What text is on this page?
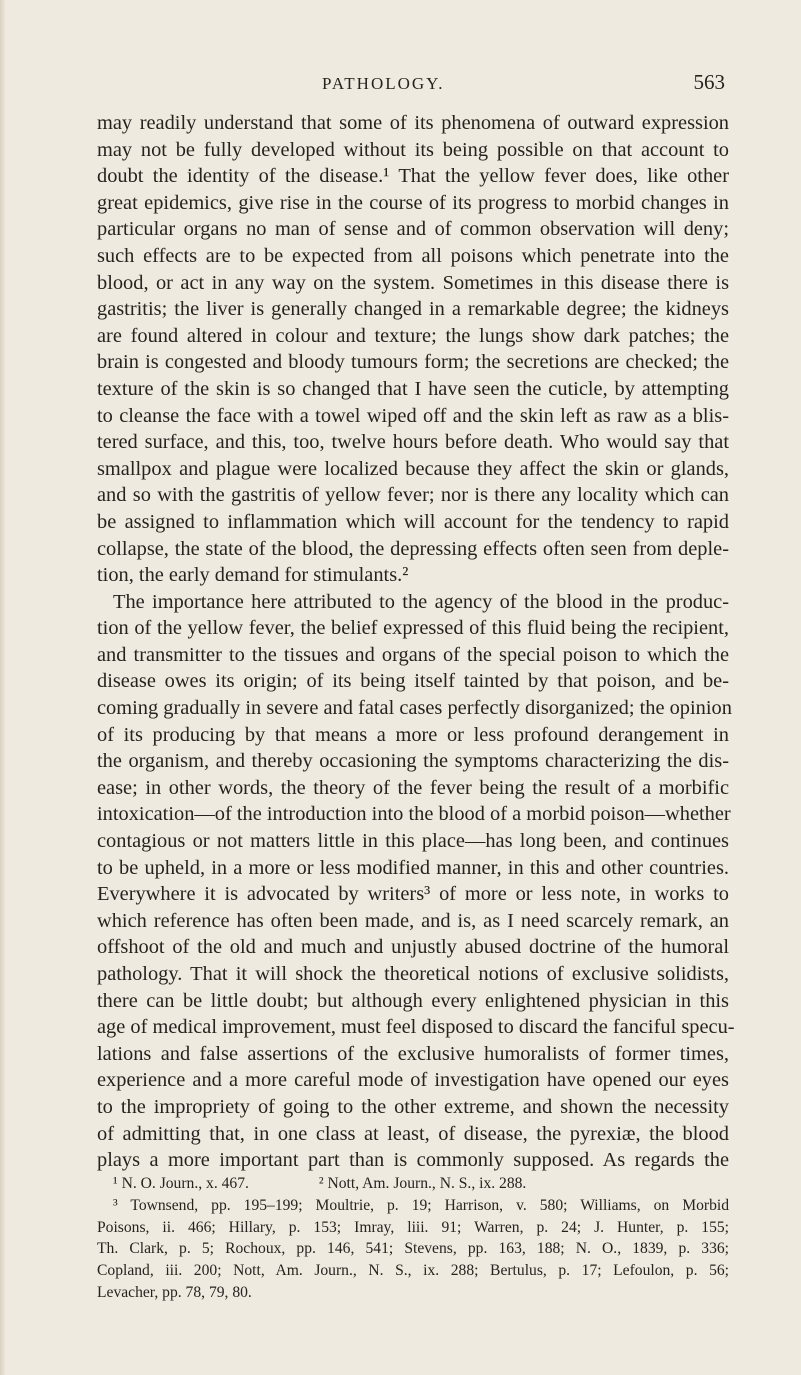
PATHOLOGY.	563
may readily understand that some of its phenomena of outward expression
may not be fully developed without its being possible on that account to
doubt the identity of the disease.¹ That the yellow fever does, like other
great epidemics, give rise in the course of its progress to morbid changes in
particular organs no man of sense and of common observation will deny;
such effects are to be expected from all poisons which penetrate into the
blood, or act in any way on the system. Sometimes in this disease there is
gastritis; the liver is generally changed in a remarkable degree; the kidneys
are found altered in colour and texture; the lungs show dark patches; the
brain is congested and bloody tumours form; the secretions are checked; the
texture of the skin is so changed that I have seen the cuticle, by attempting
to cleanse the face with a towel wiped off and the skin left as raw as a blis-
tered surface, and this, too, twelve hours before death. Who would say that
smallpox and plague were localized because they affect the skin or glands,
and so with the gastritis of yellow fever; nor is there any locality which can
be assigned to inflammation which will account for the tendency to rapid
collapse, the state of the blood, the depressing effects often seen from deple-
tion, the early demand for stimulants.²
The importance here attributed to the agency of the blood in the produc-
tion of the yellow fever, the belief expressed of this fluid being the recipient,
and transmitter to the tissues and organs of the special poison to which the
disease owes its origin; of its being itself tainted by that poison, and be-
coming gradually in severe and fatal cases perfectly disorganized; the opinion
of its producing by that means a more or less profound derangement in
the organism, and thereby occasioning the symptoms characterizing the dis-
ease; in other words, the theory of the fever being the result of a morbific
intoxication—of the introduction into the blood of a morbid poison—whether
contagious or not matters little in this place—has long been, and continues
to be upheld, in a more or less modified manner, in this and other countries.
Everywhere it is advocated by writers³ of more or less note, in works to
which reference has often been made, and is, as I need scarcely remark, an
offshoot of the old and much and unjustly abused doctrine of the humoral
pathology. That it will shock the theoretical notions of exclusive solidists,
there can be little doubt; but although every enlightened physician in this
age of medical improvement, must feel disposed to discard the fanciful specu-
lations and false assertions of the exclusive humoralists of former times,
experience and a more careful mode of investigation have opened our eyes
to the impropriety of going to the other extreme, and shown the necessity
of admitting that, in one class at least, of disease, the pyrexiæ, the blood
plays a more important part than is commonly supposed. As regards the
¹ N. O. Journ., x. 467.	² Nott, Am. Journ., N. S., ix. 288.
³ Townsend, pp. 195–199; Moultrie, p. 19; Harrison, v. 580; Williams, on Morbid
Poisons, ii. 466; Hillary, p. 153; Imray, liii. 91; Warren, p. 24; J. Hunter, p. 155;
Th. Clark, p. 5; Rochoux, pp. 146, 541; Stevens, pp. 163, 188; N. O., 1839, p. 336;
Copland, iii. 200; Nott, Am. Journ., N. S., ix. 288; Bertulus, p. 17; Lefoulon, p. 56;
Levacher, pp. 78, 79, 80.
